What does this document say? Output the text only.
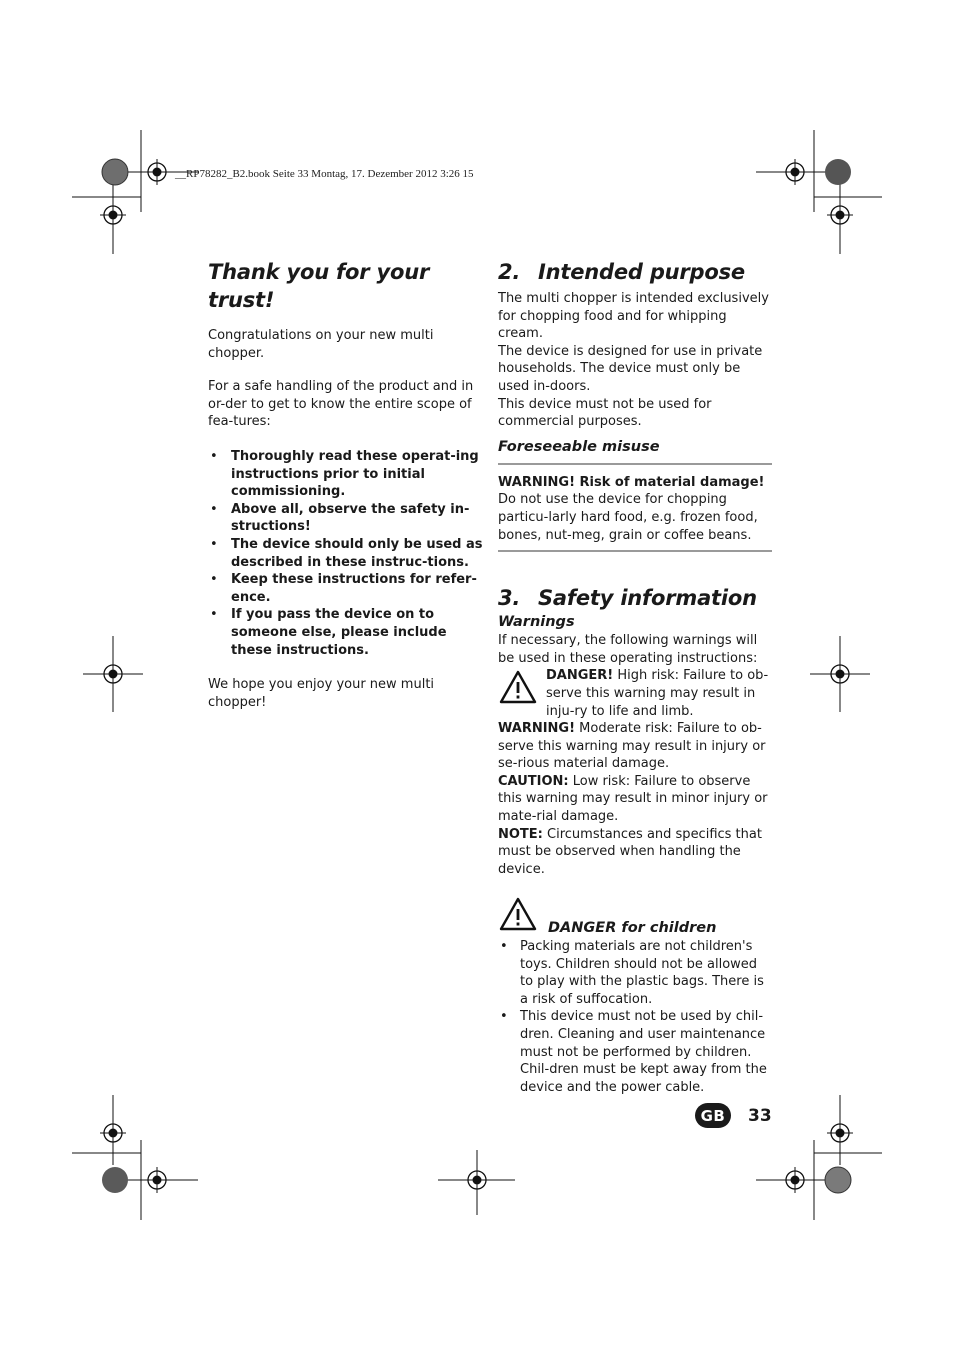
__RP78282_B2.book Seite 33 Montag, 17. Dezember 2012 3:26 15
Thank you for your trust!

Congratulations on your new multi chopper.

For a safe handling of the product and in or-der to get to know the entire scope of fea-tures:

• Thoroughly read these operat-ing instructions prior to initial commissioning.
• Above all, observe the safety in-structions!
• The device should only be used as described in these instruc-tions.
• Keep these instructions for refer-ence.
• If you pass the device on to someone else, please include these instructions.

We hope you enjoy your new multi chopper!

2. Intended purpose

The multi chopper is intended exclusively for chopping food and for whipping cream.

The device is designed for use in private households. The device must only be used in-doors.

This device must not be used for commercial purposes.

Foreseeable misuse

WARNING! Risk of material damage!

Do not use the device for chopping particu-larly hard food, e.g. frozen food, bones, nut-meg, grain or coffee beans.

3. Safety information
Warnings

If necessary, the following warnings will be used in these operating instructions:

DANGER! High risk: Failure to ob-serve this warning may result in inju-ry to life and limb.

WARNING! Moderate risk: Failure to ob-serve this warning may result in injury or se-rious material damage.

CAUTION: Low risk: Failure to observe this warning may result in minor injury or mate-rial damage.

NOTE: Circumstances and specifics that must be observed when handling the device.

DANGER for children
• Packing materials are not children's toys. Children should not be allowed to play with the plastic bags. There is a risk of suffocation.
• This device must not be used by chil-dren. Cleaning and user maintenance must not be performed by children. Chil-dren must be kept away from the device and the power cable.
GB	33
